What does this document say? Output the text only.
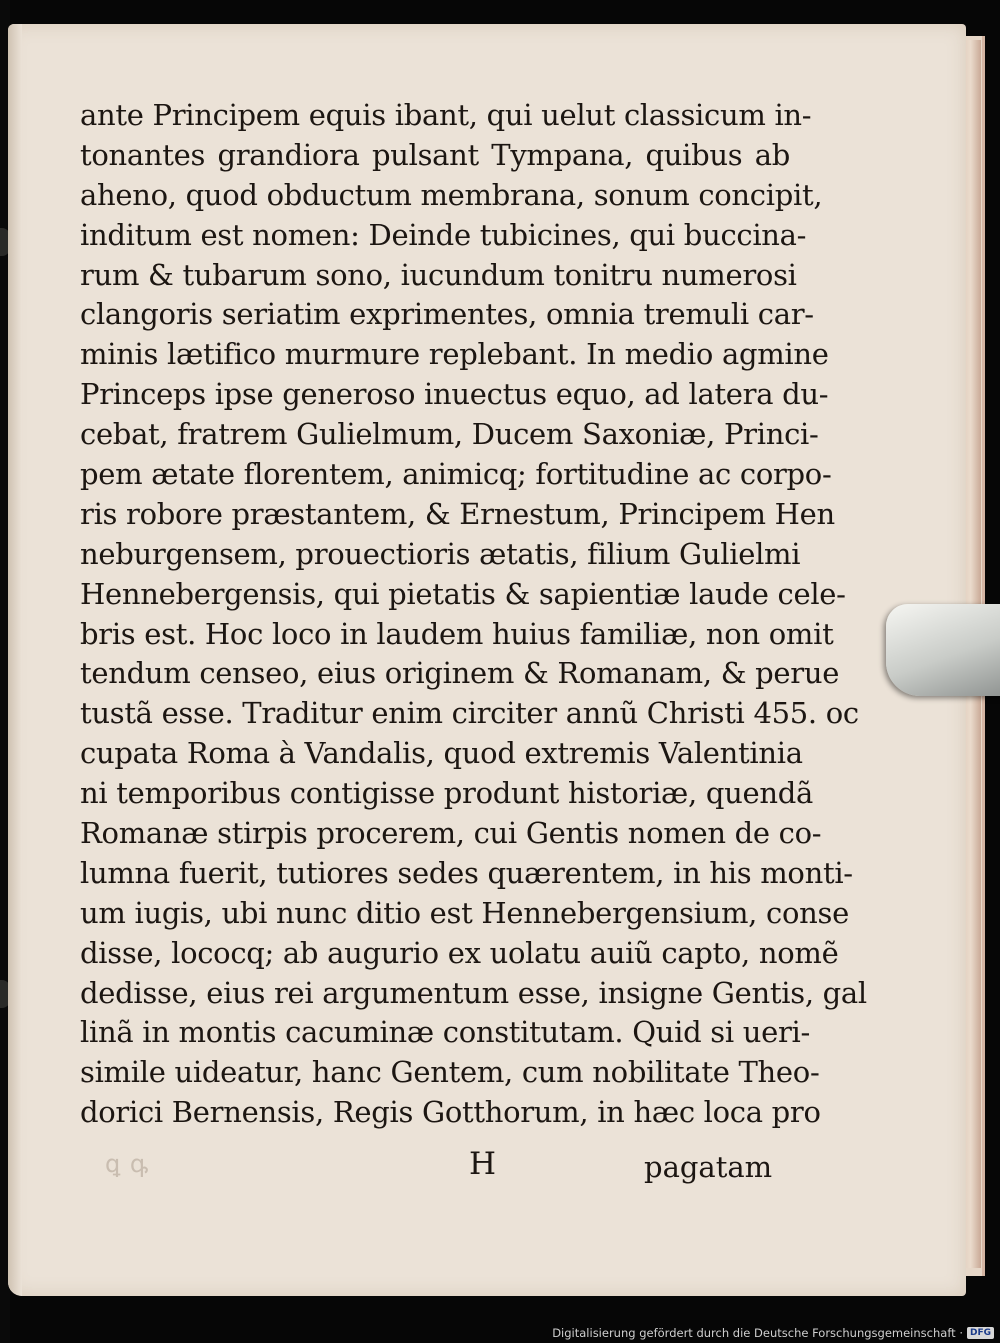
ante Principem equis ibant, qui uelut classicum in‑
tonantes grandiora pulsant Tympana, quibus ab
aheno, quod obductum membrana, sonum concipit,
inditum est nomen: Deinde tubicines, qui buccina‑
rum & tubarum sono, iucundum tonitru numerosi
clangoris seriatim exprimentes, omnia tremuli car‑
minis lætifico murmure replebant. In medio agmine
Princeps ipse generoso inuectus equo, ad latera du‑
cebat, fratrem Gulielmum, Ducem Saxoniæ, Princi‑
pem ætate florentem, animicq; fortitudine ac corpo‑
ris robore præstantem, & Ernestum, Principem Hen
neburgensem, prouectioris ætatis, filium Gulielmi
Hennebergensis, qui pietatis & sapientiæ laude cele‑
bris est. Hoc loco in laudem huius familiæ, non omit
tendum censeo, eius originem & Romanam, & perue
tustã esse. Traditur enim circiter annũ Christi 455. oc
cupata Roma à Vandalis, quod extremis Valentinia
ni temporibus contigisse produnt historiæ, quendã
Romanæ stirpis procerem, cui Gentis nomen de co‑
lumna fuerit, tutiores sedes quærentem, in his monti‑
um iugis, ubi nunc ditio est Hennebergensium, conse
disse, lococq; ab augurio ex uolatu auiũ capto, nomẽ
dedisse, eius rei argumentum esse, insigne Gentis, gal
linã in montis cacuminæ constitutam. Quid si ueri‑
simile uideatur, hanc Gentem, cum nobilitate Theo‑
dorici Bernensis, Regis Gotthorum, in hæc loca pro
ꝓ ꝑ	H	pagatam
Digitalisierung gefördert durch die Deutsche Forschungsgemeinschaft · DFG
